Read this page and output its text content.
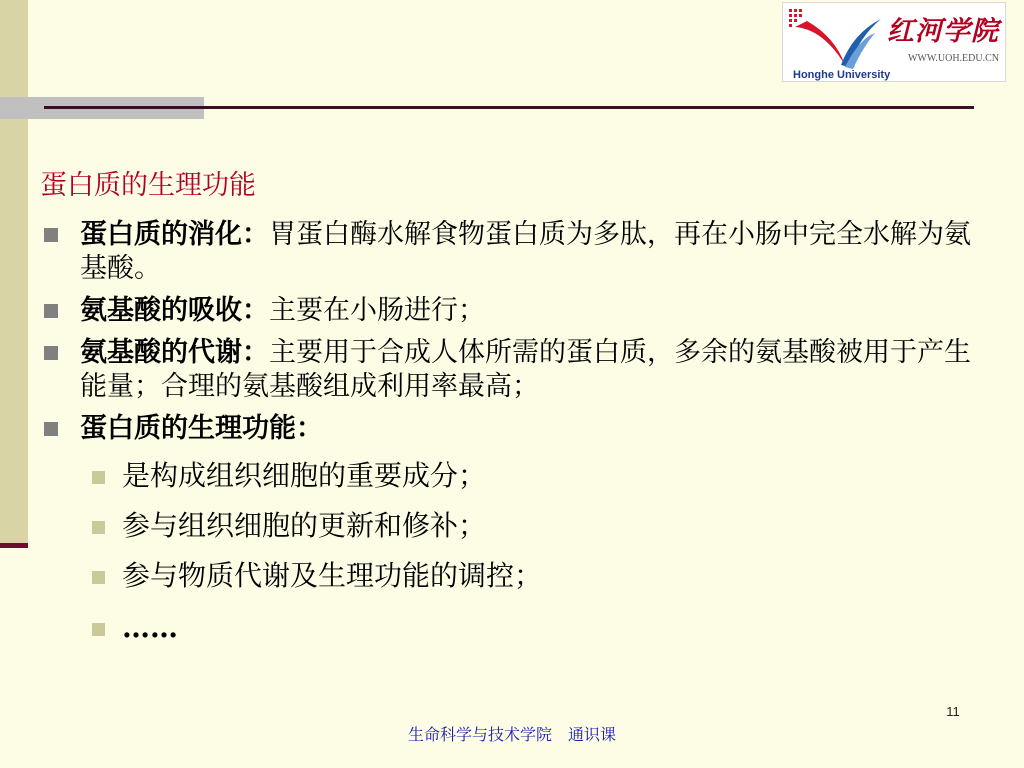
红河学院
WWW.UOH.EDU.CN
Honghe University
蛋白质的生理功能
蛋白质的消化：胃蛋白酶水解食物蛋白质为多肽，再在小肠中完全水解为氨基酸。
氨基酸的吸收：主要在小肠进行；
氨基酸的代谢：主要用于合成人体所需的蛋白质，多余的氨基酸被用于产生能量；合理的氨基酸组成利用率最高；
蛋白质的生理功能：
是构成组织细胞的重要成分；
参与组织细胞的更新和修补；
参与物质代谢及生理功能的调控；
……
11
生命科学与技术学院　通识课
